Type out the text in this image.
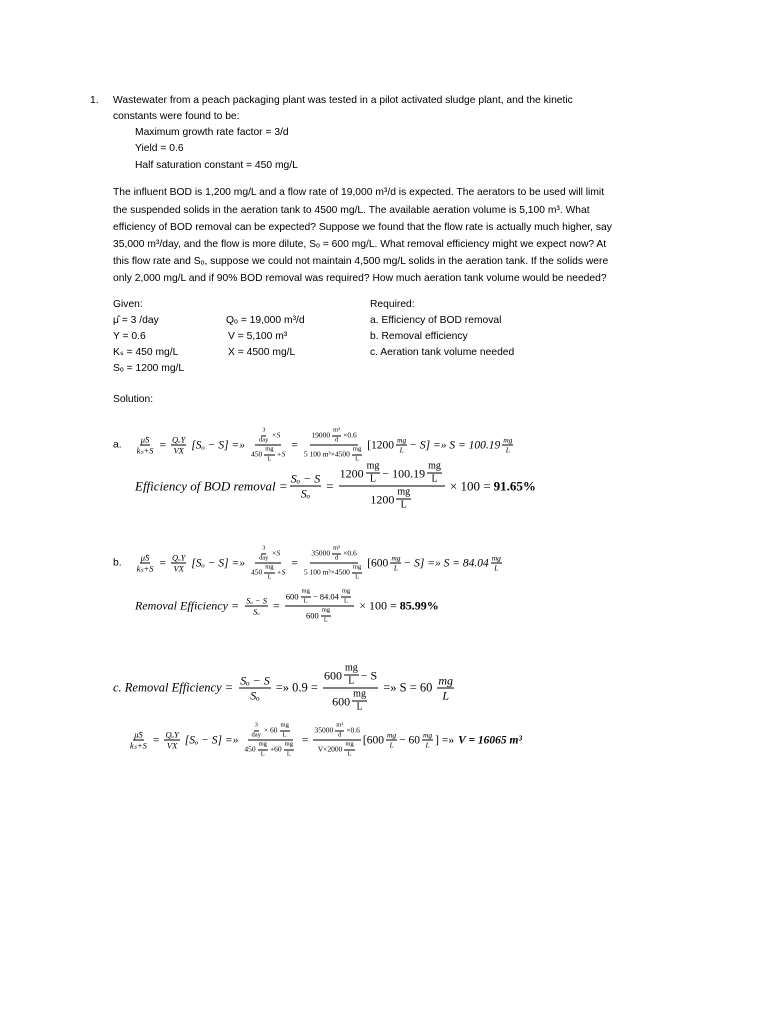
1. Wastewater from a peach packaging plant was tested in a pilot activated sludge plant, and the kinetic
constants were found to be:
Maximum growth rate factor = 3/d
Yield = 0.6
Half saturation constant = 450 mg/L
The influent BOD is 1,200 mg/L and a flow rate of 19,000 m³/d is expected. The aerators to be used will limit
the suspended solids in the aeration tank to 4500 mg/L. The available aeration volume is 5,100 m³. What
efficiency of BOD removal can be expected? Suppose we found that the flow rate is actually much higher, say
35,000 m³/day, and the flow is more dilute, Sₒ = 600 mg/L. What removal efficiency might we expect now? At
this flow rate and Sₒ, suppose we could not maintain 4,500 mg/L solids in the aeration tank. If the solids were
only 2,000 mg/L and if 90% BOD removal was required? How much aeration tank volume would be needed?
Given:
μ̂ = 3 /day
Y = 0.6
Kₛ = 450 mg/L
Sₒ = 1200 mg/L
Qₒ = 19,000 m³/d
V = 5,100 m³
X = 4500 mg/L
Required:
a. Efficiency of BOD removal
b. Removal efficiency
c. Aeration tank volume needed
Solution:
a. $\frac{\mûS}{\text{kₛ+S}} = Q_oY$
VX [Sₒ − S] =»
3
day ×S
$450 \frac{mg}{L} +S$
=
$19000 \frac{\text{m³}}{d} \times 0.6$
5 100 $m^3\times 4500 \frac{mg}{L}$
$[1200 \frac{mg}{L} - S]$ =» $S = 100.19 \frac{mg}{L}$
Efficiency of BOD removal = $\frac{\text{Sₒ − S}}{\text{Sₒ}}$ =
$1200 \frac{mg}{L} - 100.19 \frac{mg}{L}$
$1200 \frac{mg}{L}$
× 100 = 91.65%
b. $\frac{\mûS}{\text{kₛ+S}} = Q_oY$
VX [Sₒ − S] =»
3
day ×S
$450 \frac{mg}{L} +S$
=
$35000 \frac{\text{m³}}{d} \times 0.6$
5 100 $m^3\times 4500 \frac{mg}{L}$
$[600 \frac{mg}{L} - S]$ =» $S = 84.04 \frac{mg}{L}$
Removal Efficiency = $\frac{\text{Sₒ − S}}{\text{Sₒ}}$ =
$600 \frac{mg}{L} - 84.04 \frac{mg}{L}$
$600 \frac{mg}{L}$
× 100 = 85.99%
c. Removal Efficiency = $\frac{\text{Sₒ − S}}{\text{Sₒ}}$ =» 0.9 =
$600 \frac{mg}{L} - S$
$600 \frac{mg}{L}$
=» $S = 60 \frac{mg}{L}$
$\frac{\mûS}{\text{kₛ+S}} = Q_oY$
VX [Sₒ − S] =»
3
day × $60 \frac{mg}{L}$
$450 \frac{mg}{L} +60 \frac{mg}{L}$
=
$35000 \frac{\text{m³}}{d} \times 0.6$
$V\times 2000 \frac{mg}{L}$
[$600 \frac{mg}{L} - 60 \frac{mg}{L}$ ] =» V = 16065 m³
